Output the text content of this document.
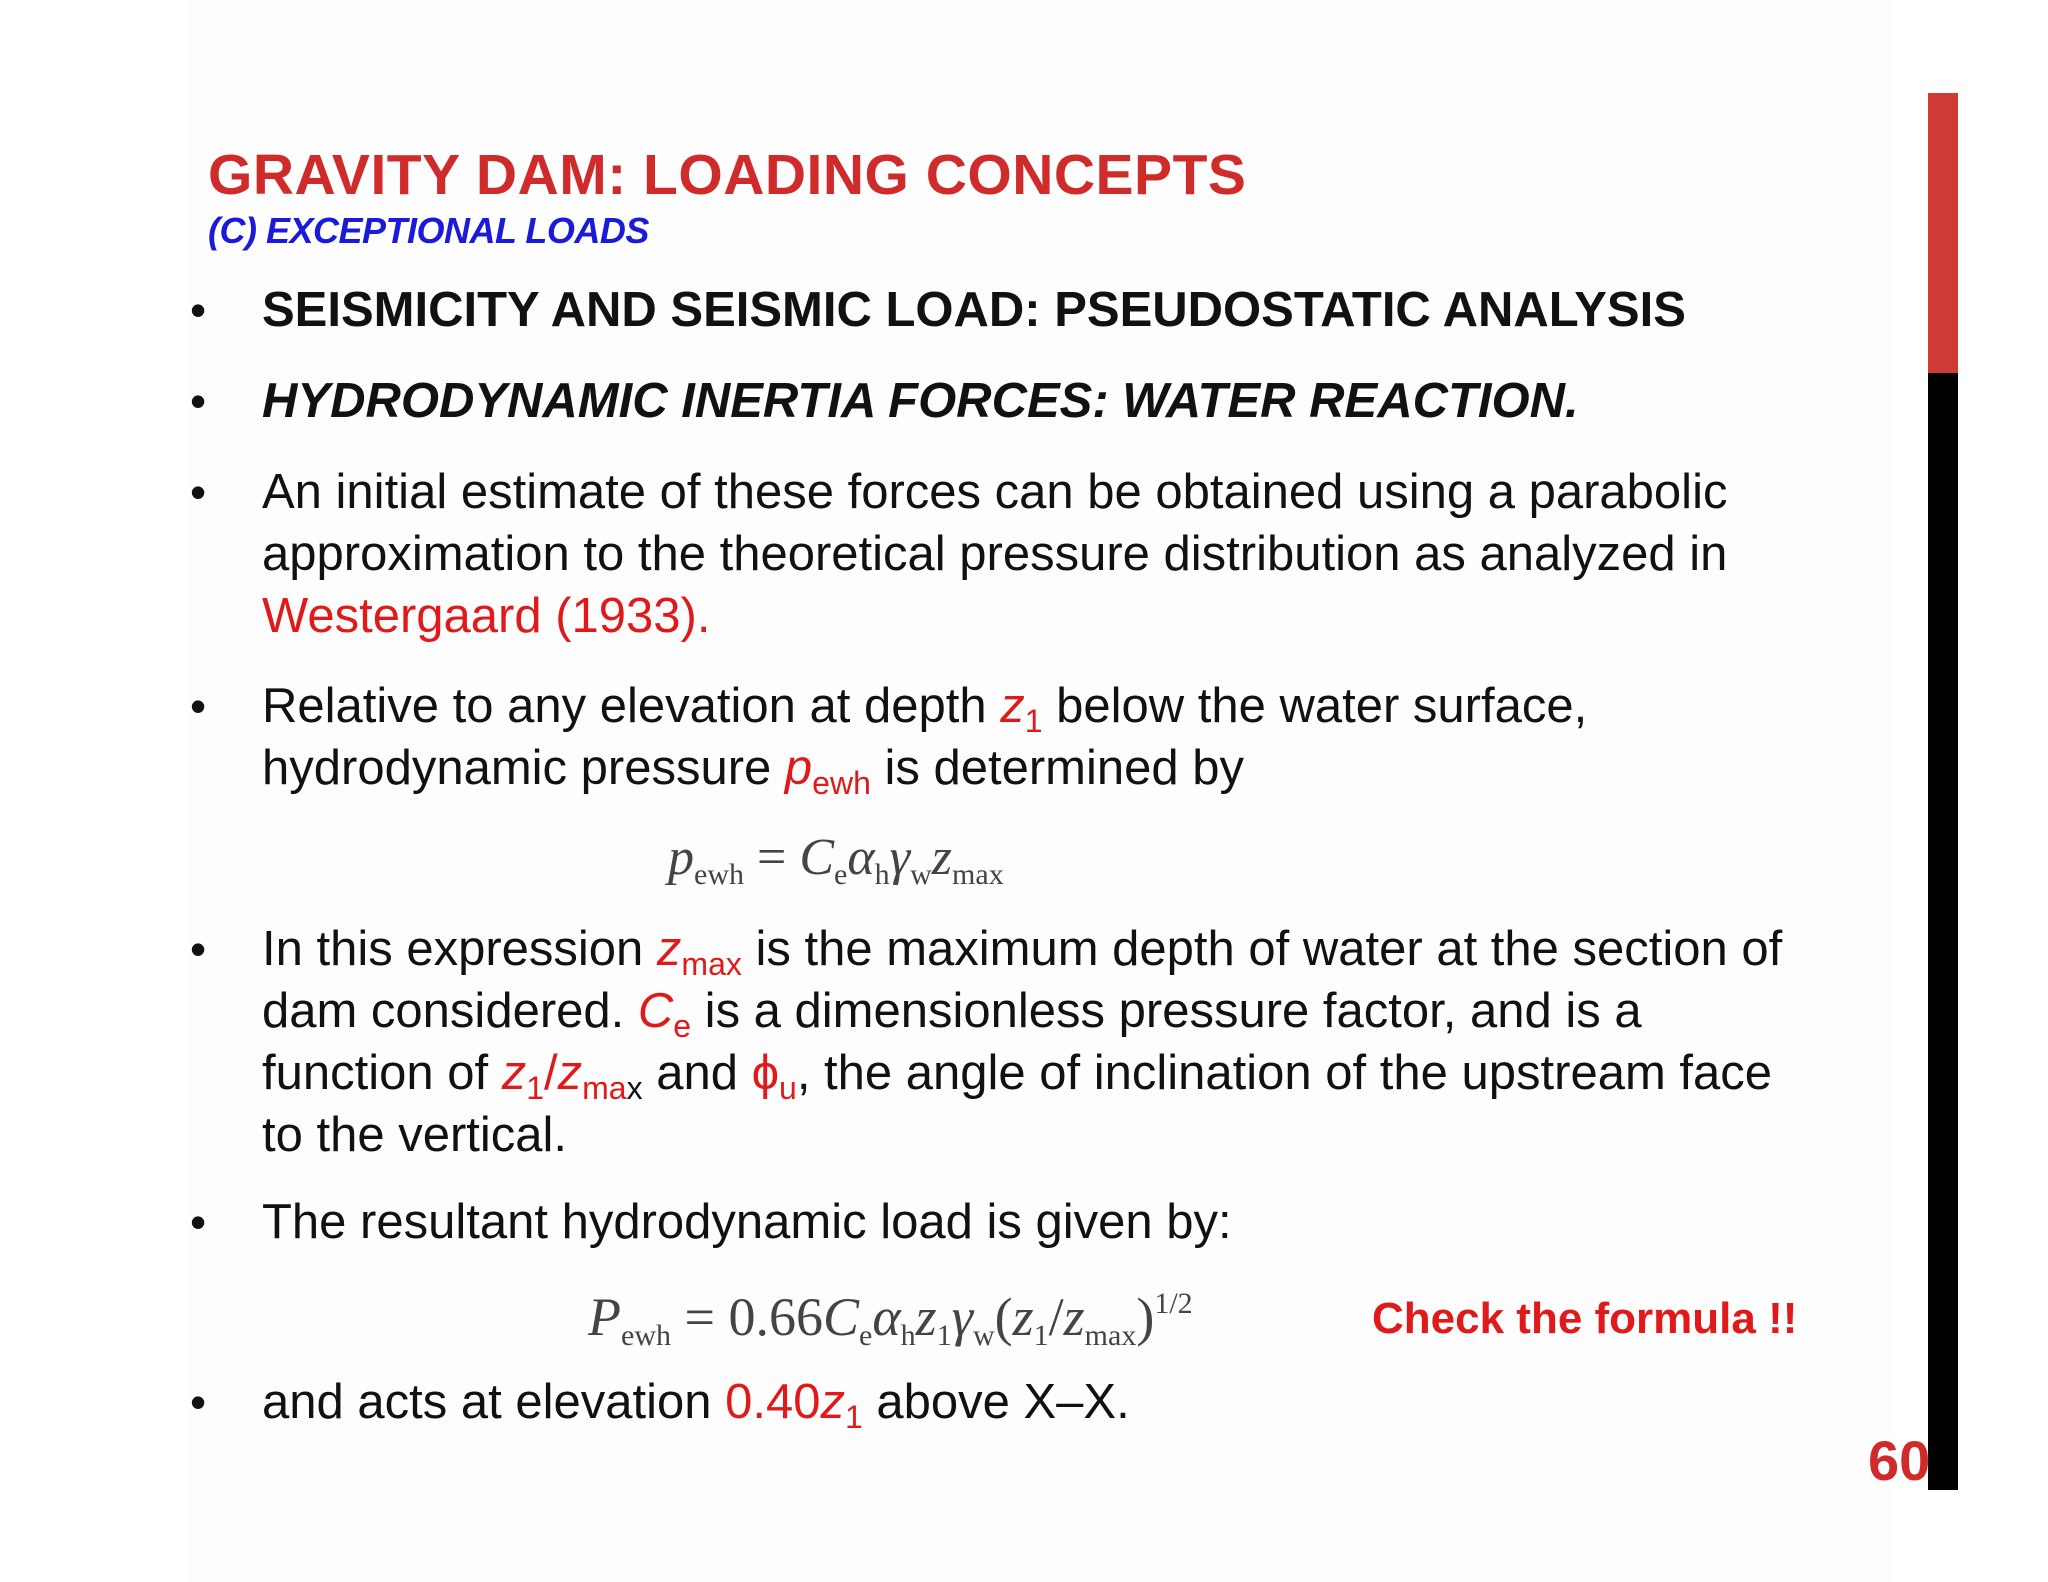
GRAVITY DAM: LOADING CONCEPTS
(C) EXCEPTIONAL LOADS
• SEISMICITY AND SEISMIC LOAD: PSEUDOSTATIC ANALYSIS
• HYDRODYNAMIC INERTIA FORCES: WATER REACTION.
• An initial estimate of these forces can be obtained using a parabolic
approximation to the theoretical pressure distribution as analyzed in
Westergaard (1933).
• Relative to any elevation at depth $z_1$ below the water surface,
hydrodynamic pressure $p_{ewh}$ is determined by
$p_{ewh} = C_e\alpha_h\gamma_wz_{max}$
• In this expression $z_{max}$ is the maximum depth of water at the section of
dam considered. $C_e$ is a dimensionless pressure factor, and is a
function of $z_1/z_{max}$ and $\phi_u$, the angle of inclination of the upstream face
to the vertical.
• The resultant hydrodynamic load is given by:
$P_{ewh} = 0.66C_e\alpha_hz_1\gamma_w(z_1/z_{max})^{1/2}$	Check the formula !!
• and acts at elevation $0.40z_1$ above X–X.
60
